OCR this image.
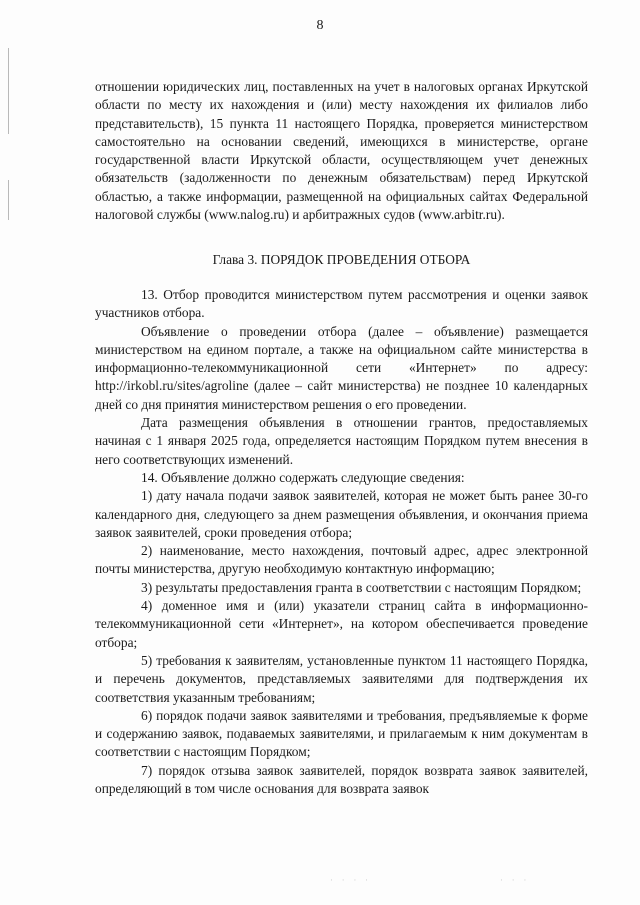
8

отношении юридических лиц, поставленных на учет в налоговых органах Иркутской области по месту их нахождения и (или) месту нахождения их филиалов либо представительств), 15 пункта 11 настоящего Порядка, проверяется министерством самостоятельно на основании сведений, имеющихся в министерстве, органе государственной власти Иркутской области, осуществляющем учет денежных обязательств (задолженности по денежным обязательствам) перед Иркутской областью, а также информации, размещенной на официальных сайтах Федеральной налоговой службы (www.nalog.ru) и арбитражных судов (www.arbitr.ru).

Глава 3. ПОРЯДОК ПРОВЕДЕНИЯ ОТБОРА

13. Отбор проводится министерством путем рассмотрения и оценки заявок участников отбора.

Объявление о проведении отбора (далее – объявление) размещается министерством на едином портале, а также на официальном сайте министерства в информационно-телекоммуникационной сети «Интернет» по адресу: http://irkobl.ru/sites/agroline (далее – сайт министерства) не позднее 10 календарных дней со дня принятия министерством решения о его проведении.

Дата размещения объявления в отношении грантов, предоставляемых начиная с 1 января 2025 года, определяется настоящим Порядком путем внесения в него соответствующих изменений.

14. Объявление должно содержать следующие сведения:

1) дату начала подачи заявок заявителей, которая не может быть ранее 30-го календарного дня, следующего за днем размещения объявления, и окончания приема заявок заявителей, сроки проведения отбора;

2) наименование, место нахождения, почтовый адрес, адрес электронной почты министерства, другую необходимую контактную информацию;

3) результаты предоставления гранта в соответствии с настоящим Порядком;

4) доменное имя и (или) указатели страниц сайта в информационно-телекоммуникационной сети «Интернет», на котором обеспечивается проведение отбора;

5) требования к заявителям, установленные пунктом 11 настоящего Порядка, и перечень документов, представляемых заявителями для подтверждения их соответствия указанным требованиям;

6) порядок подачи заявок заявителями и требования, предъявляемые к форме и содержанию заявок, подаваемых заявителями, и прилагаемым к ним документам в соответствии с настоящим Порядком;

7) порядок отзыва заявок заявителей, порядок возврата заявок заявителей, определяющий в том числе основания для возврата заявок

· · · ·	· · ·
